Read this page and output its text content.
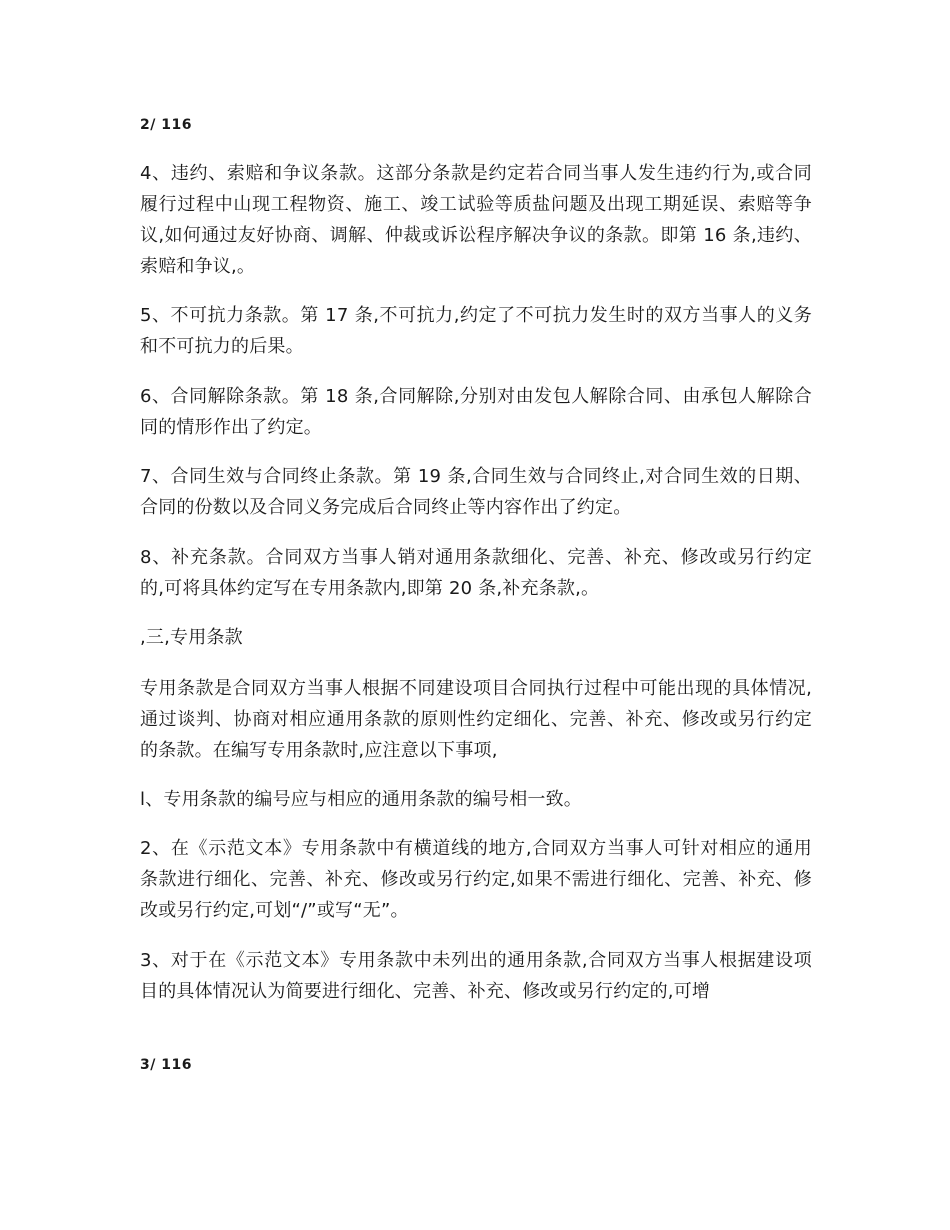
2/ 116

4、违约、索赔和争议条款。这部分条款是约定若合同当事人发生违约行为,或合同履行过程中山现工程物资、施工、竣工试验等质盐问题及出现工期延误、索赔等争议,如何通过友好协商、调解、仲裁或诉讼程序解决争议的条款。即第 16 条,违约、索赔和争议,。

5、不可抗力条款。第 17 条,不可抗力,约定了不可抗力发生时的双方当事人的义务和不可抗力的后果。

6、合同解除条款。第 18 条,合同解除,分别对由发包人解除合同、由承包人解除合同的情形作出了约定。

7、合同生效与合同终止条款。第 19 条,合同生效与合同终止,对合同生效的日期、合同的份数以及合同义务完成后合同终止等内容作出了约定。

8、补充条款。合同双方当事人销对通用条款细化、完善、补充、修改或另行约定的,可将具体约定写在专用条款内,即第 20 条,补充条款,。

,三,专用条款

专用条款是合同双方当事人根据不同建设项目合同执行过程中可能出现的具体情况,通过谈判、协商对相应通用条款的原则性约定细化、完善、补充、修改或另行约定的条款。在编写专用条款时,应注意以下事项,

l、专用条款的编号应与相应的通用条款的编号相一致。

2、在《示范文本》专用条款中有横道线的地方,合同双方当事人可针对相应的通用条款进行细化、完善、补充、修改或另行约定,如果不需进行细化、完善、补充、修改或另行约定,可划“/”或写“无”。

3、对于在《示范文本》专用条款中未列出的通用条款,合同双方当事人根据建设项目的具体情况认为简要进行细化、完善、补充、修改或另行约定的,可增

3/ 116
